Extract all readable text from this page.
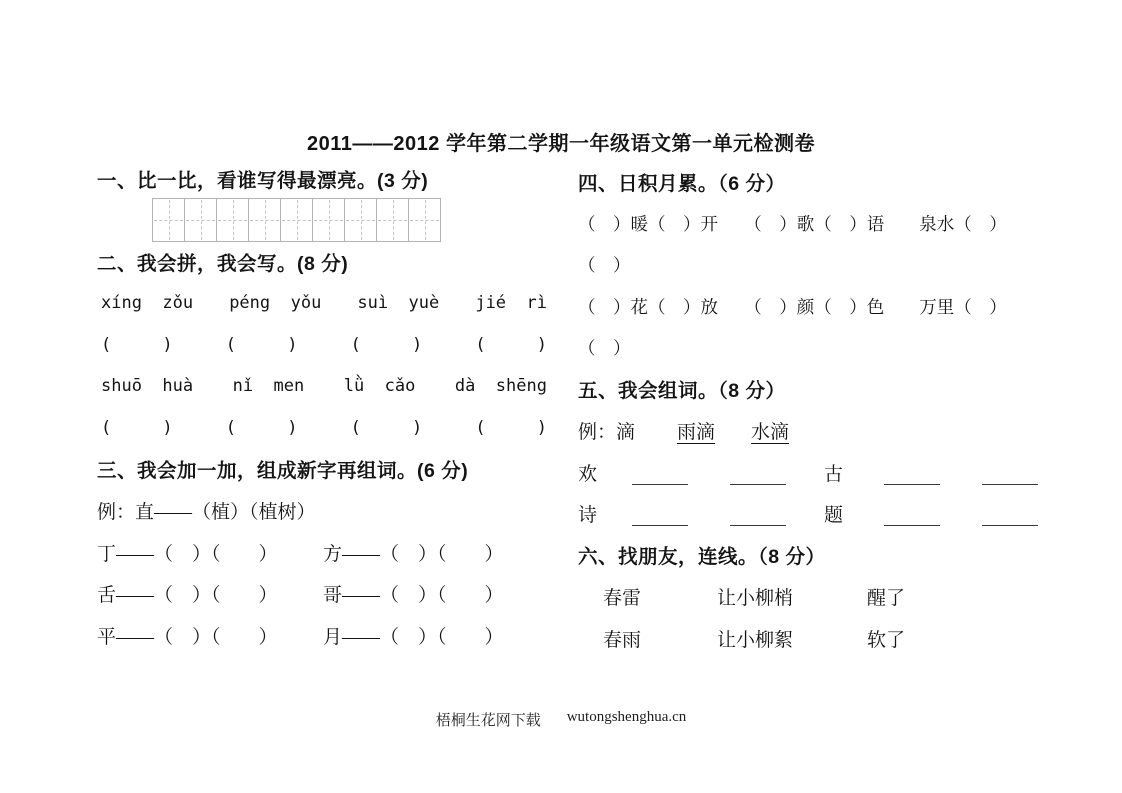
2011——2012 学年第二学期一年级语文第一单元检测卷
一、比一比，看谁写得最漂亮。(3 分)
二、我会拼，我会写。(8 分)
xíng  zǒu péng  yǒu suì  yuè jié  rì
(     )	(     )	(     )	(     )
shuō  huà nǐ  men lǜ  cǎo dà  shēng
(     )	(     )	(     )	(     )
三、我会加一加，组成新字再组词。(6 分)
例：直——（植）（植树）
丁——（　）（　　）	方——（　）（　　）
舌——（　）（　　）	哥——（　）（　　）
平——（　）（　　）	月——（　）（　　）
四、日积月累。（6 分）
（　）暖（　）开　　（　）歌（　）语　　泉水（　）
（　）
（　）花（　）放　　（　）颜（　）色　　万里（　）
（　）
五、我会组词。（8 分）
例：滴 雨滴 水滴
欢	古
诗	题
六、找朋友，连线。（8 分）
春雷	让小柳梢	醒了
春雨	让小柳絮	软了
梧桐生花网下载 wutongshenghua.cn
